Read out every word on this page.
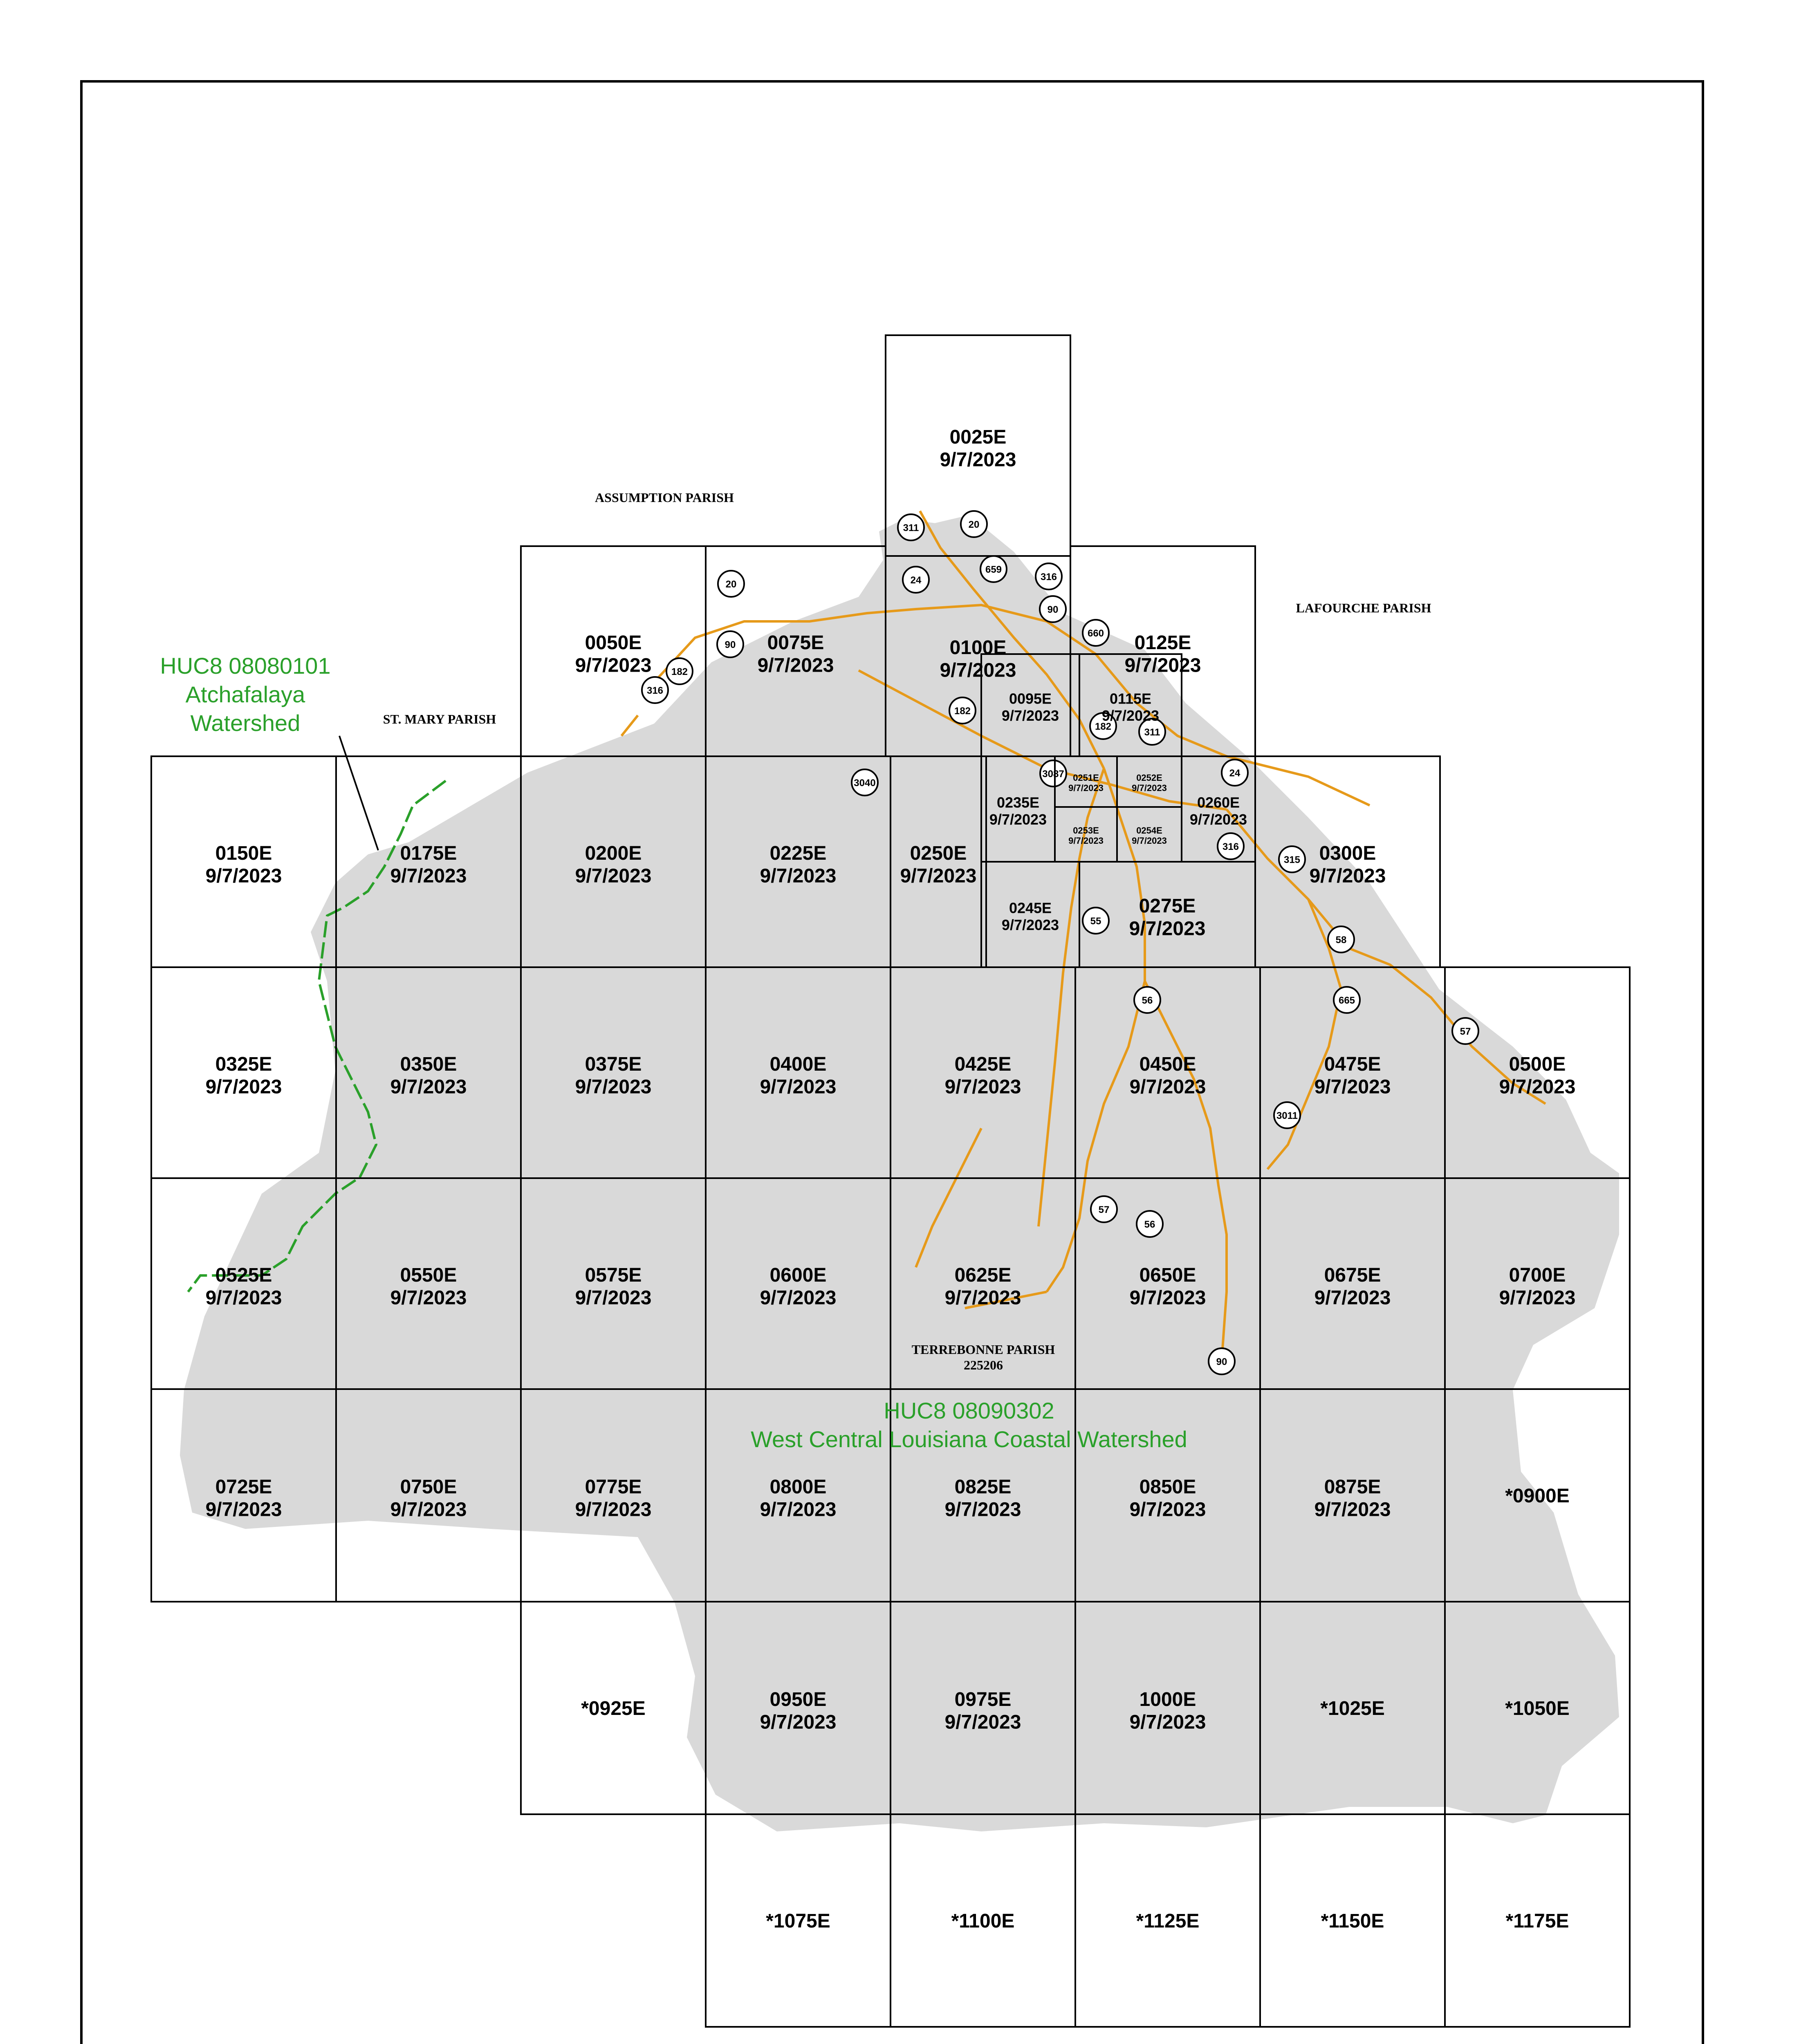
311	20
24
659
316
90
20
90
182
316
660
182
311
182
3040
3087	24
316
315
55
58
665
57
56
3011
57
56
90
0025E
9/7/2023
0050E
9/7/2023
0075E
9/7/2023
0100E
9/7/2023
0125E
9/7/2023
0095E
9/7/2023
0115E
9/7/2023
0150E
9/7/2023
0175E
9/7/2023
0200E
9/7/2023
0225E
9/7/2023
0250E
9/7/2023
0235E
9/7/2023
0251E
9/7/2023
0252E
9/7/2023
0253E
9/7/2023
0254E
9/7/2023
0260E
9/7/2023
0300E
9/7/2023
0245E
9/7/2023
0275E
9/7/2023
0325E
9/7/2023
0350E
9/7/2023
0375E
9/7/2023
0400E
9/7/2023
0425E
9/7/2023
0450E
9/7/2023
0475E
9/7/2023
0500E
9/7/2023
0525E
9/7/2023
0550E
9/7/2023
0575E
9/7/2023
0600E
9/7/2023
0625E
9/7/2023
0650E
9/7/2023
0675E
9/7/2023
0700E
9/7/2023
0725E
9/7/2023
0750E
9/7/2023
0775E
9/7/2023
0800E
9/7/2023
0825E
9/7/2023
0850E
9/7/2023
0875E
9/7/2023
*0900E
*0925E	0950E
9/7/2023
0975E
9/7/2023
1000E
9/7/2023
*1025E	*1050E
*1075E	*1100E	*1125E	*1150E	*1175E
ASSUMPTION PARISH
LAFOURCHE PARISH
ST. MARY PARISH
TERREBONNE PARISH
225206
HUC8 08080101
Atchafalaya
Watershed
HUC8 08090302
West Central Louisiana Coastal Watershed
